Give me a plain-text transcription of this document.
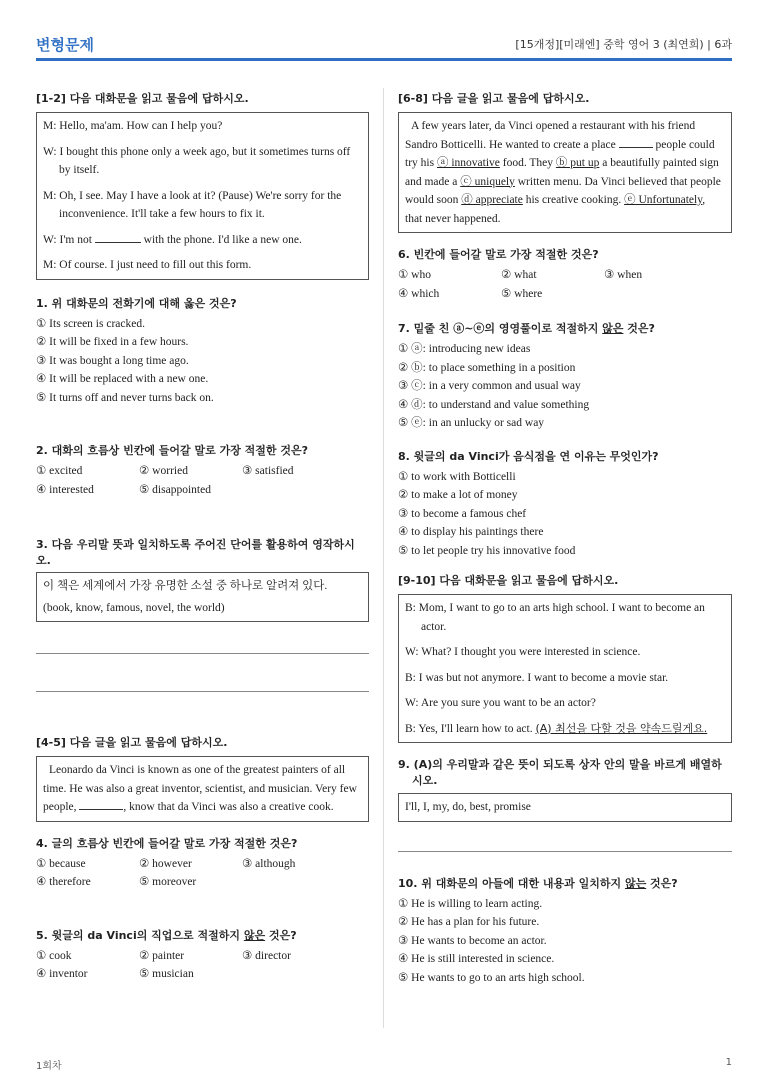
변형문제	[15개정][미래엔] 중학 영어 3 (최연희) | 6과
[1-2] 다음 대화문을 읽고 물음에 답하시오.
M: Hello, ma'am. How can I help you?
W: I bought this phone only a week ago, but it sometimes turns off by itself.
M: Oh, I see. May I have a look at it? (Pause) We're sorry for the inconvenience. It'll take a few hours to fix it.
W: I'm not	with the phone. I'd like a new one.
M: Of course. I just need to fill out this form.
1. 위 대화문의 전화기에 대해 옳은 것은?
① Its screen is cracked.
② It will be fixed in a few hours.
③ It was bought a long time ago.
④ It will be replaced with a new one.
⑤ It turns off and never turns back on.
2. 대화의 흐름상 빈칸에 들어갈 말로 가장 적절한 것은?
① excited	② worried	③ satisfied
④ interested	⑤ disappointed
3. 다음 우리말 뜻과 일치하도록 주어진 단어를 활용하여 영작하시오.
이 책은 세계에서 가장 유명한 소설 중 하나로 알려져 있다.
(book, know, famous, novel, the world)
[4-5] 다음 글을 읽고 물음에 답하시오.
Leonardo da Vinci is known as one of the greatest painters of all time. He was also a great inventor, scientist, and musician. Very few people,	, know that da Vinci was also a creative cook.
4. 글의 흐름상 빈칸에 들어갈 말로 가장 적절한 것은?
① because	② however	③ although
④ therefore	⑤ moreover
5. 윗글의 da Vinci의 직업으로 적절하지 않은 것은?
① cook	② painter	③ director
④ inventor	⑤ musician
[6-8] 다음 글을 읽고 물음에 답하시오.
A few years later, da Vinci opened a restaurant with his friend Sandro Botticelli. He wanted to create a place	people could try his ⓐ innovative food. They ⓑ put up a beautifully painted sign and made a ⓒ uniquely written menu. Da Vinci believed that people would soon ⓓ appreciate his creative cooking. ⓔ Unfortunately, that never happened.
6. 빈칸에 들어갈 말로 가장 적절한 것은?
① who	② what	③ when
④ which	⑤ where
7. 밑줄 친 ⓐ~ⓔ의 영영풀이로 적절하지 않은 것은?
① ⓐ: introducing new ideas
② ⓑ: to place something in a position
③ ⓒ: in a very common and usual way
④ ⓓ: to understand and value something
⑤ ⓔ: in an unlucky or sad way
8. 윗글의 da Vinci가 음식점을 연 이유는 무엇인가?
① to work with Botticelli
② to make a lot of money
③ to become a famous chef
④ to display his paintings there
⑤ to let people try his innovative food
[9-10] 다음 대화문을 읽고 물음에 답하시오.
B: Mom, I want to go to an arts high school. I want to become an actor.
W: What? I thought you were interested in science.
B: I was but not anymore. I want to become a movie star.
W: Are you sure you want to be an actor?
B: Yes, I'll learn how to act. (A) 최선을 다할 것을 약속드릴게요.
9. (A)의 우리말과 같은 뜻이 되도록 상자 안의 말을 바르게 배열하시오.
I'll, I, my, do, best, promise
10. 위 대화문의 아들에 대한 내용과 일치하지 않는 것은?
① He is willing to learn acting.
② He has a plan for his future.
③ He wants to become an actor.
④ He is still interested in science.
⑤ He wants to go to an arts high school.
1회차	1
